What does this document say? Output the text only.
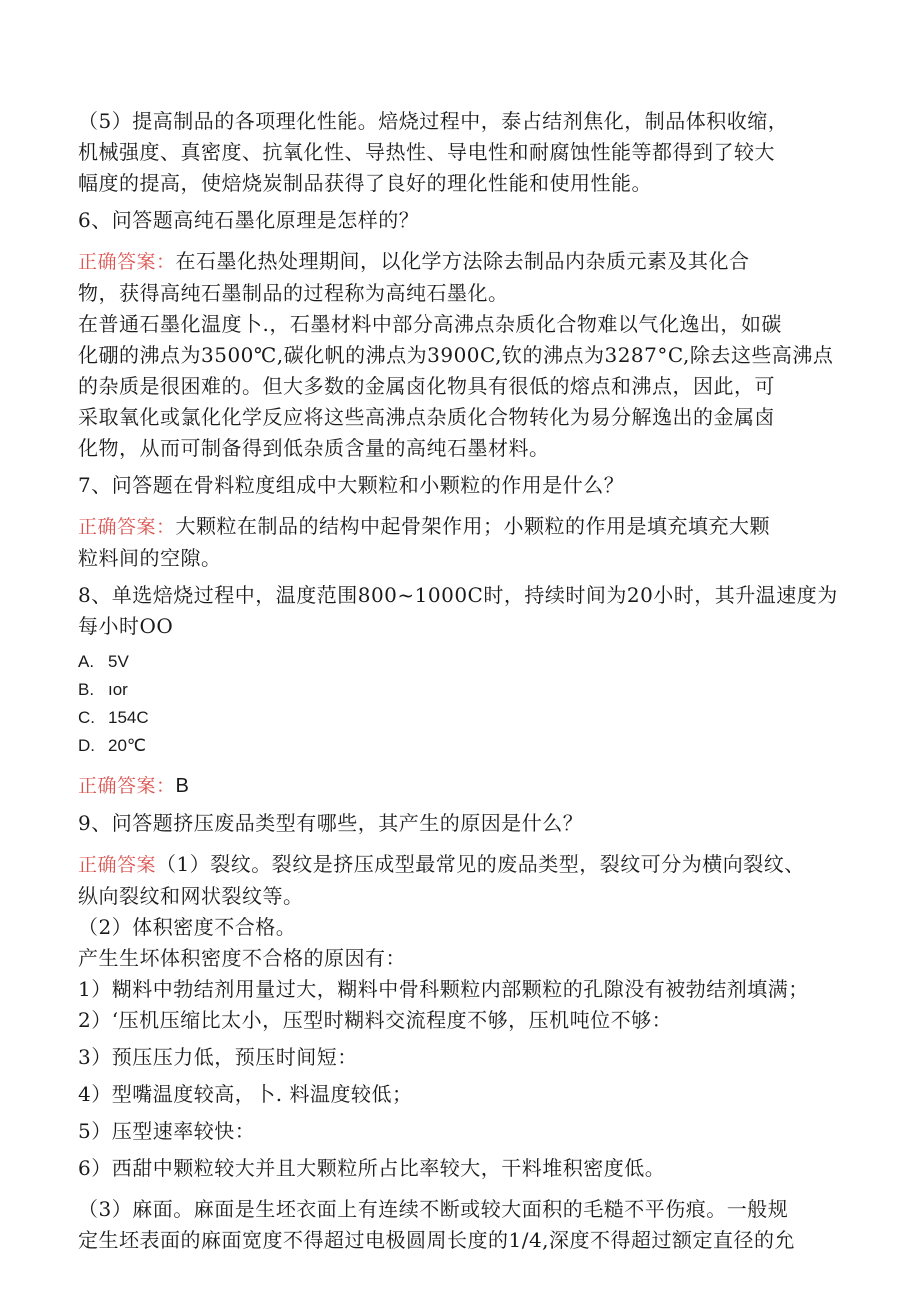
（5）提高制品的各项理化性能。焙烧过程中，泰占结剂焦化，制品体积收缩，
机械强度、真密度、抗氧化性、导热性、导电性和耐腐蚀性能等都得到了较大
幅度的提高，使焙烧炭制品获得了良好的理化性能和使用性能。
6、问答题高纯石墨化原理是怎样的？
正确答案：在石墨化热处理期间，以化学方法除去制品内杂质元素及其化合
物，获得高纯石墨制品的过程称为高纯石墨化。
在普通石墨化温度卜.，石墨材料中部分高沸点杂质化合物难以气化逸出，如碳
化硼的沸点为3500℃,碳化帆的沸点为3900C,钦的沸点为3287°C,除去这些高沸点
的杂质是很困难的。但大多数的金属卤化物具有很低的熔点和沸点，因此，可
采取氧化或氯化化学反应将这些高沸点杂质化合物转化为易分解逸出的金属卤
化物，从而可制备得到低杂质含量的高纯石墨材料。
7、问答题在骨料粒度组成中大颗粒和小颗粒的作用是什么？
正确答案：大颗粒在制品的结构中起骨架作用；小颗粒的作用是填充填充大颗
粒料间的空隙。
8、单选焙烧过程中，温度范围800~1000C时，持续时间为20小时，其升温速度为
每小时OO
A. 5V
B. ıor
C. 154C
D. 20℃
正确答案：B
9、问答题挤压废品类型有哪些，其产生的原因是什么？
正确答案（1）裂纹。裂纹是挤压成型最常见的废品类型，裂纹可分为横向裂纹、
纵向裂纹和网状裂纹等。
（2）体积密度不合格。
产生生坏体积密度不合格的原因有：
1）糊料中勃结剂用量过大，糊料中骨科颗粒内部颗粒的孔隙没有被勃结剂填满；
2）‘压机压缩比太小，压型时糊料交流程度不够，压机吨位不够：
3）预压压力低，预压时间短：
4）型嘴温度较高，卜. 料温度较低；
5）压型速率较快：
6）西甜中颗粒较大并且大颗粒所占比率较大，干料堆积密度低。
（3）麻面。麻面是生坯衣面上有连续不断或较大面积的毛糙不平伤痕。一般规
定生坯表面的麻面宽度不得超过电极圆周长度的1/4,深度不得超过额定直径的允
